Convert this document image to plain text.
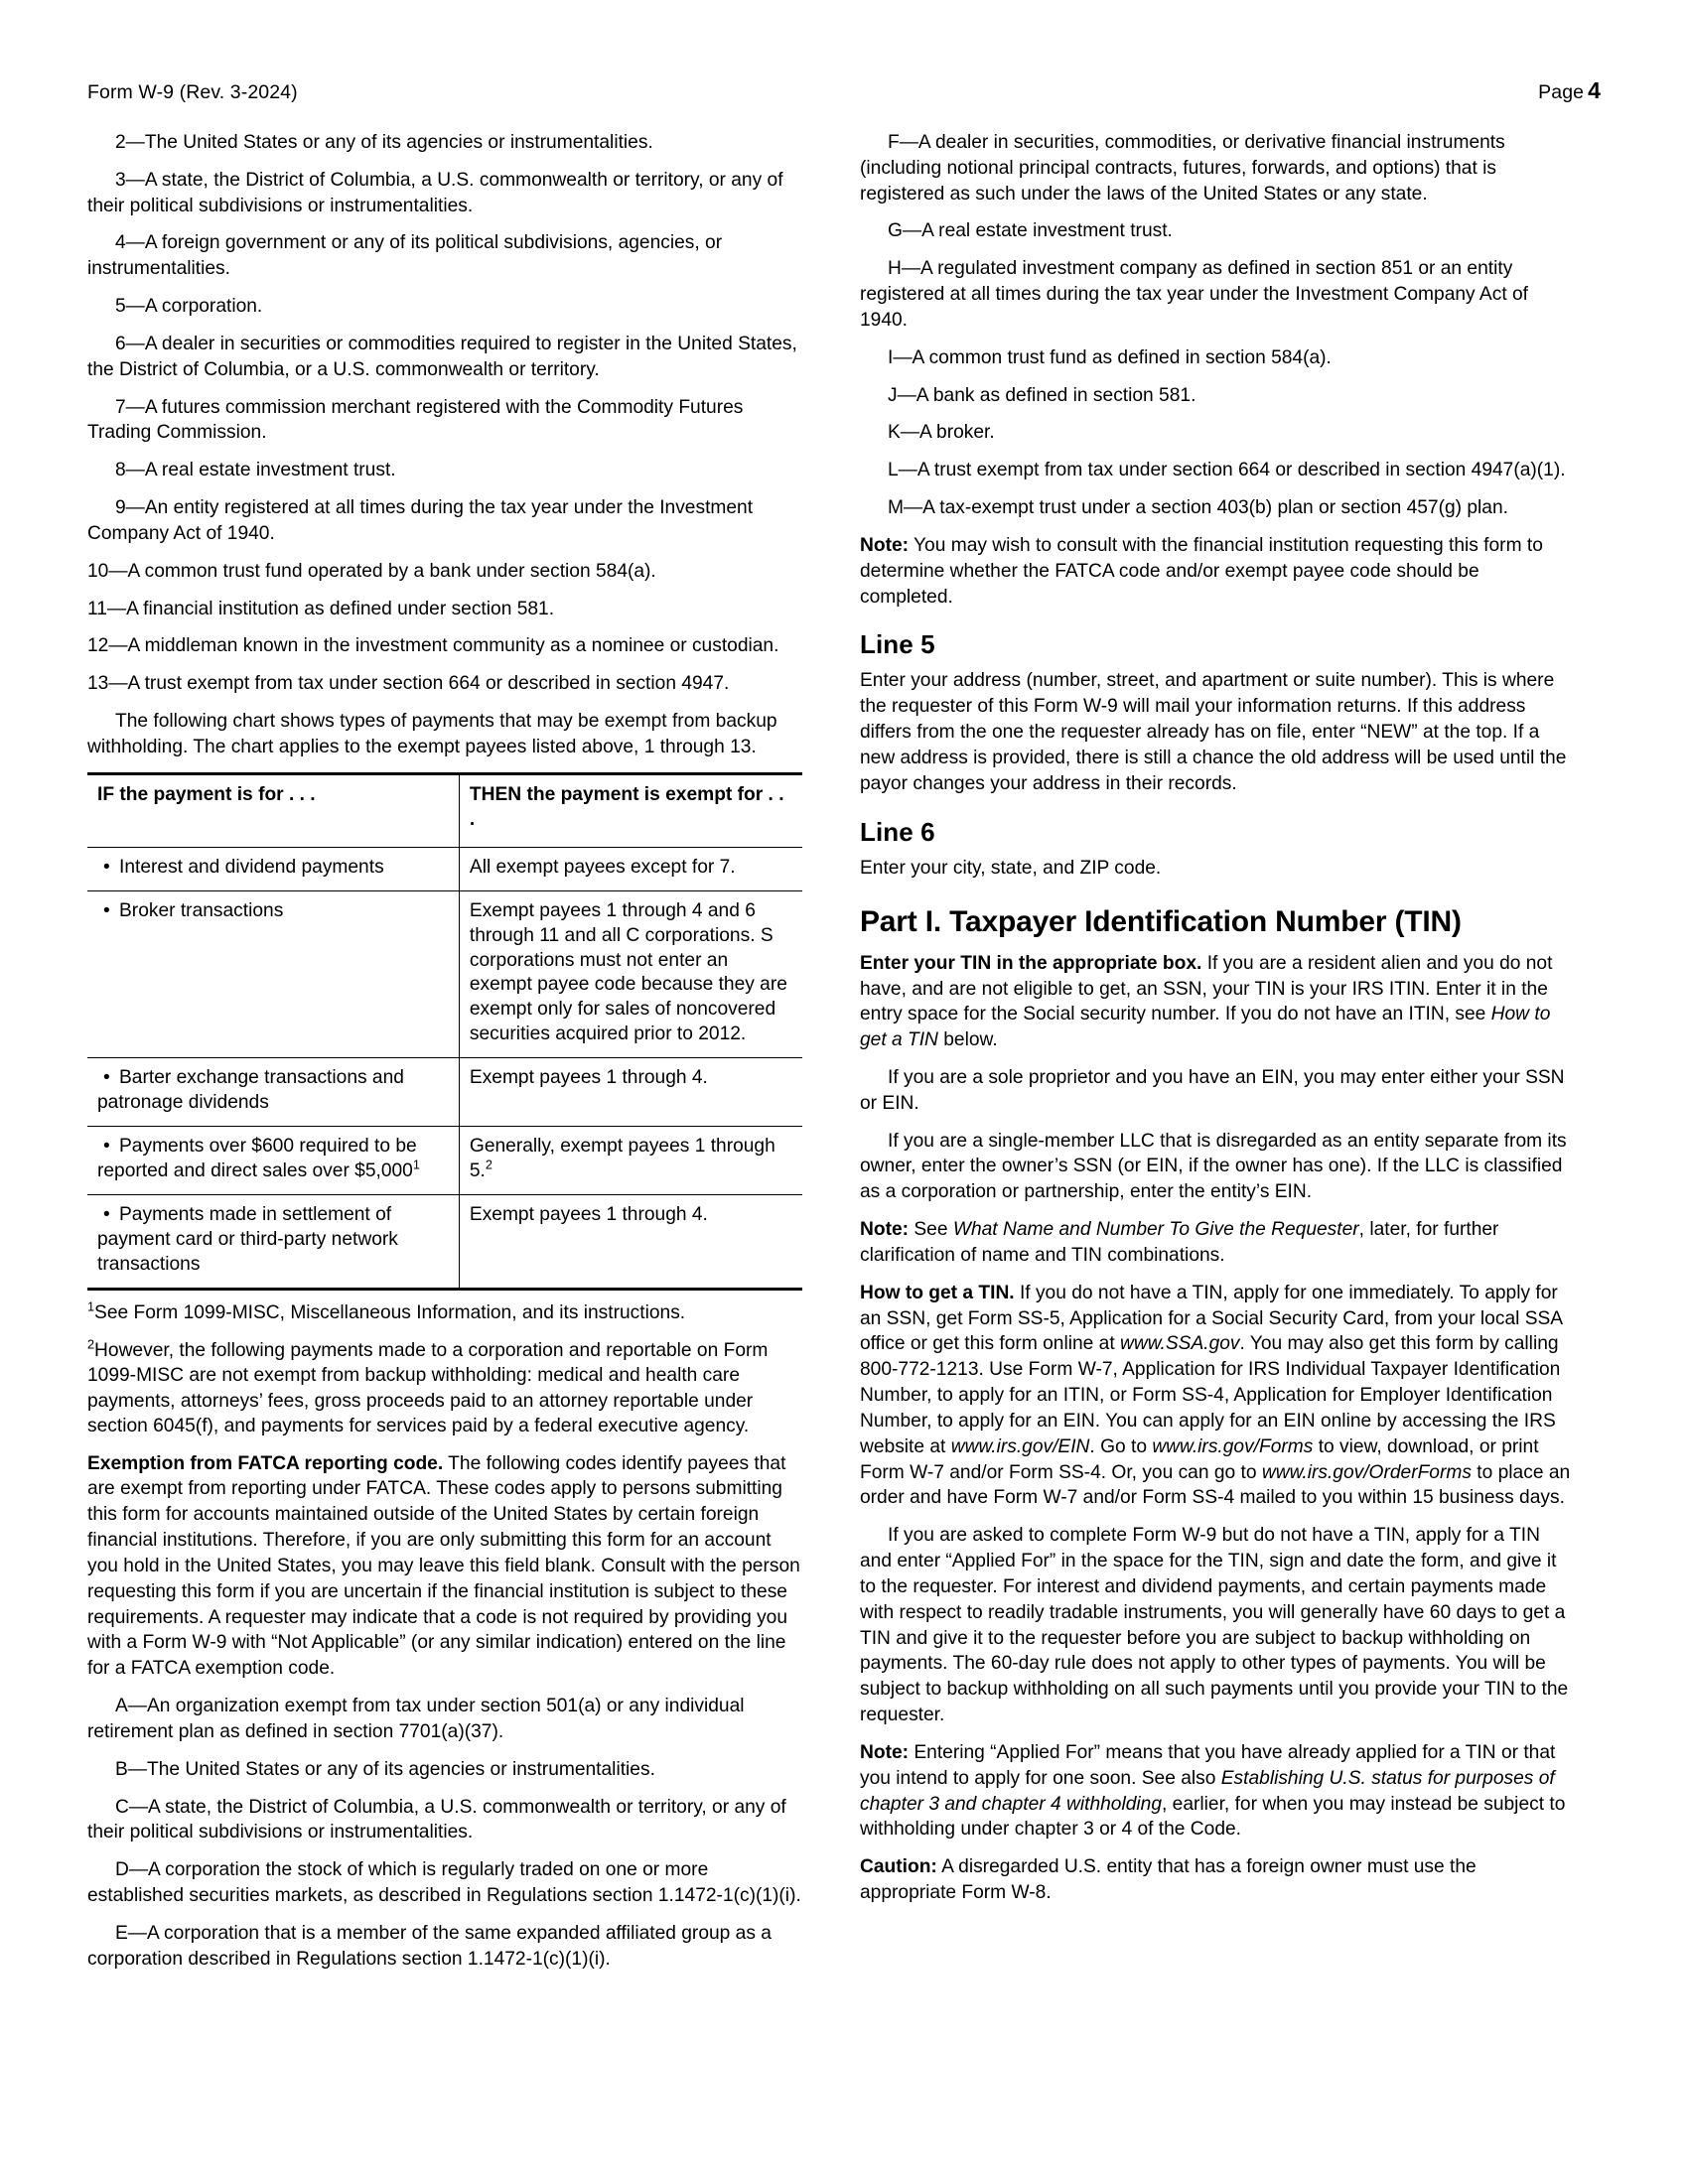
Form W-9 (Rev. 3-2024)	Page 4

2—The United States or any of its agencies or instrumentalities.

3—A state, the District of Columbia, a U.S. commonwealth or territory, or any of their political subdivisions or instrumentalities.

4—A foreign government or any of its political subdivisions, agencies, or instrumentalities.

5—A corporation.

6—A dealer in securities or commodities required to register in the United States, the District of Columbia, or a U.S. commonwealth or territory.

7—A futures commission merchant registered with the Commodity Futures Trading Commission.

8—A real estate investment trust.

9—An entity registered at all times during the tax year under the Investment Company Act of 1940.

10—A common trust fund operated by a bank under section 584(a).

11—A financial institution as defined under section 581.

12—A middleman known in the investment community as a nominee or custodian.

13—A trust exempt from tax under section 664 or described in section 4947.

The following chart shows types of payments that may be exempt from backup withholding. The chart applies to the exempt payees listed above, 1 through 13.

IF the payment is for . . .	THEN the payment is exempt for . . .
• Interest and dividend payments	All exempt payees except for 7.
• Broker transactions	Exempt payees 1 through 4 and 6 through 11 and all C corporations. S corporations must not enter an exempt payee code because they are exempt only for sales of noncovered securities acquired prior to 2012.
• Barter exchange transactions and patronage dividends	Exempt payees 1 through 4.
• Payments over $600 required to be reported and direct sales over $5,000$^1$	Generally, exempt payees 1 through 5.$^2$
• Payments made in settlement of payment card or third-party network transactions	Exempt payees 1 through 4.

$^1$See Form 1099-MISC, Miscellaneous Information, and its instructions.

$^2$However, the following payments made to a corporation and reportable on Form 1099-MISC are not exempt from backup withholding: medical and health care payments, attorneys’ fees, gross proceeds paid to an attorney reportable under section 6045(f), and payments for services paid by a federal executive agency.

Exemption from FATCA reporting code. The following codes identify payees that are exempt from reporting under FATCA. These codes apply to persons submitting this form for accounts maintained outside of the United States by certain foreign financial institutions. Therefore, if you are only submitting this form for an account you hold in the United States, you may leave this field blank. Consult with the person requesting this form if you are uncertain if the financial institution is subject to these requirements. A requester may indicate that a code is not required by providing you with a Form W-9 with “Not Applicable” (or any similar indication) entered on the line for a FATCA exemption code.

A—An organization exempt from tax under section 501(a) or any individual retirement plan as defined in section 7701(a)(37).

B—The United States or any of its agencies or instrumentalities.

C—A state, the District of Columbia, a U.S. commonwealth or territory, or any of their political subdivisions or instrumentalities.

D—A corporation the stock of which is regularly traded on one or more established securities markets, as described in Regulations section 1.1472-1(c)(1)(i).

E—A corporation that is a member of the same expanded affiliated group as a corporation described in Regulations section 1.1472-1(c)(1)(i).

F—A dealer in securities, commodities, or derivative financial instruments (including notional principal contracts, futures, forwards, and options) that is registered as such under the laws of the United States or any state.

G—A real estate investment trust.

H—A regulated investment company as defined in section 851 or an entity registered at all times during the tax year under the Investment Company Act of 1940.

I—A common trust fund as defined in section 584(a).

J—A bank as defined in section 581.

K—A broker.

L—A trust exempt from tax under section 664 or described in section 4947(a)(1).

M—A tax-exempt trust under a section 403(b) plan or section 457(g) plan.

Note: You may wish to consult with the financial institution requesting this form to determine whether the FATCA code and/or exempt payee code should be completed.

Line 5

Enter your address (number, street, and apartment or suite number). This is where the requester of this Form W-9 will mail your information returns. If this address differs from the one the requester already has on file, enter “NEW” at the top. If a new address is provided, there is still a chance the old address will be used until the payor changes your address in their records.

Line 6

Enter your city, state, and ZIP code.

Part I. Taxpayer Identification Number (TIN)

Enter your TIN in the appropriate box. If you are a resident alien and you do not have, and are not eligible to get, an SSN, your TIN is your IRS ITIN. Enter it in the entry space for the Social security number. If you do not have an ITIN, see How to get a TIN below.

If you are a sole proprietor and you have an EIN, you may enter either your SSN or EIN.

If you are a single-member LLC that is disregarded as an entity separate from its owner, enter the owner’s SSN (or EIN, if the owner has one). If the LLC is classified as a corporation or partnership, enter the entity’s EIN.

Note: See What Name and Number To Give the Requester, later, for further clarification of name and TIN combinations.

How to get a TIN. If you do not have a TIN, apply for one immediately. To apply for an SSN, get Form SS-5, Application for a Social Security Card, from your local SSA office or get this form online at www.SSA.gov. You may also get this form by calling 800-772-1213. Use Form W-7, Application for IRS Individual Taxpayer Identification Number, to apply for an ITIN, or Form SS-4, Application for Employer Identification Number, to apply for an EIN. You can apply for an EIN online by accessing the IRS website at www.irs.gov/EIN. Go to www.irs.gov/Forms to view, download, or print Form W-7 and/or Form SS-4. Or, you can go to www.irs.gov/OrderForms to place an order and have Form W-7 and/or Form SS-4 mailed to you within 15 business days.

If you are asked to complete Form W-9 but do not have a TIN, apply for a TIN and enter “Applied For” in the space for the TIN, sign and date the form, and give it to the requester. For interest and dividend payments, and certain payments made with respect to readily tradable instruments, you will generally have 60 days to get a TIN and give it to the requester before you are subject to backup withholding on payments. The 60-day rule does not apply to other types of payments. You will be subject to backup withholding on all such payments until you provide your TIN to the requester.

Note: Entering “Applied For” means that you have already applied for a TIN or that you intend to apply for one soon. See also Establishing U.S. status for purposes of chapter 3 and chapter 4 withholding, earlier, for when you may instead be subject to withholding under chapter 3 or 4 of the Code.

Caution: A disregarded U.S. entity that has a foreign owner must use the appropriate Form W-8.
